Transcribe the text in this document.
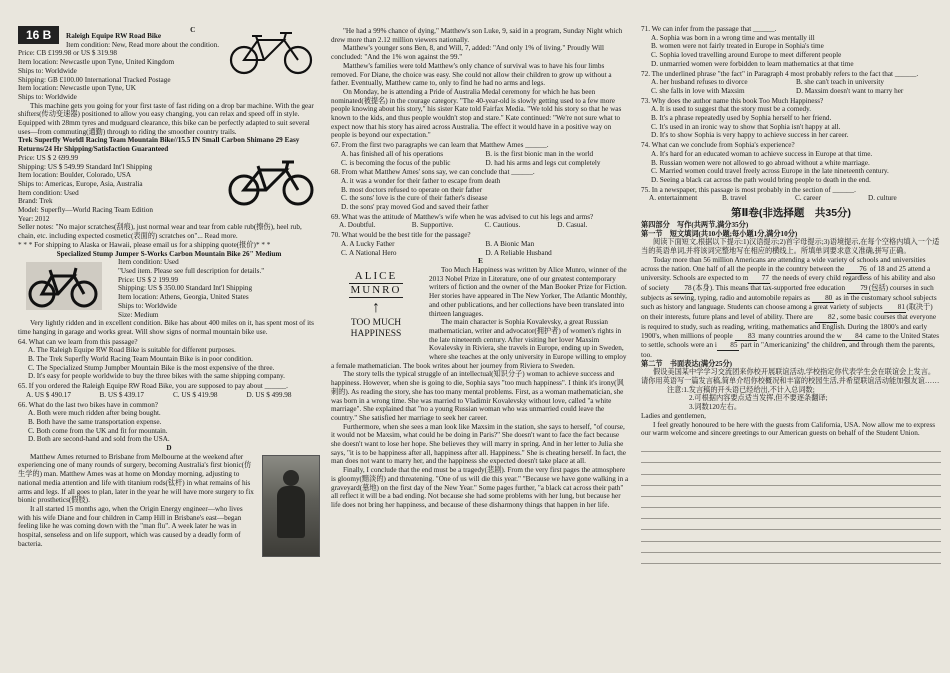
16 B	C

Raleigh Equipe RW Road Bike

Item condition: New, Read more about the condition.

Price: CB £199.98 or US $ 319.98

Item location: Newcastle upon Tyne, United Kingdom

Ships to: Worldwide

Shipping: GB £100.00 International Tracked Postage

Item location: Newcastle upon Tyne, UK

Ships to: Worldwide

This machine gets you going for your first taste of fast riding on a drop bar machine. With the gear shifters(传动变速器) positioned to allow you easy changing, you can relax and speed off in style. Equipped with 28mm tyres and mudguard clearance, this bike can be perfectly adapted to suit several uses—from commuting(通勤) through to riding the smoother country trails.

Trek Superfly Worldl Racing Team Mountain Bike//15.5 IN Small Carbon Shimano 29 Easy Returns/24 Hr Shipping/Satisfaction Guaranteed

Price: US $ 2 699.99

Shipping: US $ 549.99 Standard Int'l Shipping

Item location: Boulder, Colorado, USA

Ships to: Americas, Europe, Asia, Australia

Item condition: Used

Brand: Trek

Model: Superfly—World Racing Team Edition

Year: 2012

Seller notes: "No major scratches(刮痕), just normal wear and tear from cable rub(擦伤), heel rub, chain, etc. including expected cosmetic(表面的) scratches on"... Read more.

* * * For shipping to Alaska or Hawaii, please email us for a shipping quote(报价)* * *

Specialized Stump Jumper S-Works Carbon Mountain Bike 26" Medium

Item condition: Used

"Used item. Please see full description for details."

Price: US $ 2 199.99

Shipping: US $ 350.00 Standard Int'l Shipping

Item location: Athens, Georgia, United States

Ships to: Worldwide

Size: Medium

Very lightly ridden and in excellent condition. Bike has about 400 miles on it, has spent most of its time hanging in garage and works great. Will show signs of normal mountain bike use.

64. What can we learn from this passage?

A. The Raleigh Equipe RW Road Bike is suitable for different purposes.

B. The Trek Superfly World Racing Team Mountain Bike is in poor condition.

C. The Specialized Stump Jumpber Mountain Bike is the most expensive of the three.

D. It's easy for people worldwide to buy the three bikes with the same shipping company.

65. If you ordered the Raleigh Equipe RW Road Bike, you are supposed to pay about ______.

A. US $ 490.17	B. US $ 439.17	C. US $ 419.98	D. US $ 499.98

66. What do the last two bikes have in common?

A. Both were much ridden after being bought.

B. Both have the same transportation expense.

C. Both come from the UK and fit for mountain.

D. Both are second-hand and sold from the USA.

D

Matthew Ames returned to Brisbane from Melbourne at the weekend after experiencing one of many rounds of surgery, becoming Australia's first bionic(仿生学的) man. Matthew Ames was at home on Monday morning, adjusting to national media attention and life with titanium rods(钛杆) in what remains of his arms and legs. If all goes to plan, later in the year he will have more surgery to fix bionic prosthetics(假肢).

It all started 15 months ago, when the Origin Energy engineer—who lives with his wife Diane and four children in Camp Hill in Brisbane's east—began feeling like he was coming down with the "man flu". A week later he was in hospital, senseless and on life support, which was caused by a deadly form of bacteria.

"He had a 99% chance of dying," Matthew's son Luke, 9, said in a program, Sunday Night which drew more than 2.12 million viewers nationally.

Matthew's younger sons Ben, 8, and Will, 7, added: "And only 1% of living." Proudly Will concluded: "And the 1% won against the 99."

Matthew's families were told Matthew's only chance of survival was to have his four limbs removed. For Diane, the choice was easy. She could not allow their children to grow up without a father. Eventually, Matthew came to, only to find he had no arms and legs.

On Monday, he is attending a Pride of Australia Medal ceremony for which he has been nominated(被提名) in the courage category. "The 40-year-old is slowly getting used to a few more people knowing about his story," his sister Kate told Fairfax Media. "We told his story so that he was known to the kids, and thus people wouldn't stop and stare." Kate continued: "We're not sure what to expect now that his story has aired across Australia. The effect it would have in a positive way on people is beyond our expectation."

67. From the first two paragraphs we can learn that Matthew Ames ______.

A. has finished all of his operations	B. is the first bionic man in the world
C. is becoming the focus of the public	D. had his arms and legs cut completely

68. From what Matthew Ames' sons say, we can conclude that ______.

A. it was a wonder for their father to escape from death

B. most doctors refused to operate on their father

C. the sons' love is the cure of their father's disease

D. the sons' pray moved God and saved their father

69. What was the attitude of Matthew's wife when he was advised to cut his legs and arms?

A. Doubtful.	B. Supportive.	C. Cautious.	D. Casual.

70. What would be the best title for the passage?

A. A Lucky Father	B. A Bionic Man
C. A National Hero	D. A Reliable Husband
E
ALICE
MUNRO
↑
TOO MUCH
HAPPINESS

Too Much Happiness was written by Alice Munro, winner of the 2013 Nobel Prize in Literature, one of our greatest contemporary writers of fiction and the owner of the Man Booker Prize for Fiction. Her stories have appeared in The New Yorker, The Atlantic Monthly, and other publications, and her collections have been translated into thirteen languages.

The main character is Sophia Kovalevsky, a great Russian mathematician, writer and advocator(拥护者) of women's rights in the late nineteenth century. After visiting her lover Maxsim Kovalevsky in Riviera, she travels in Europe, ending up in Sweden, where she teaches at the only university in Europe willing to employ a female mathematician. The book writes about her journey from Riviera to Sweden.

The story tells the typical struggle of an intellectual(知识分子) woman to achieve success and happiness. However, when she is going to die, Sophia says "too much happiness". I think it's irony(讽刺的). As reading the story, she has too many mental problems. First, as a woman mathematician, she was born in a wrong time. She was married to Vladimir Kovalevsky without love, called "a white marriage". She explained that "no a young Russian woman who was unmarried could leave the country." She satisfied her marriage to seek her career.

Furthermore, when she sees a man look like Maxsim in the station, she says to herself, "of course, it would not be Maxsim, what could he be doing in Paris?" She doesn't want to face the fact because she doesn't want to lose her hope. She believes they will marry in spring. And in her letter to Julia she says, "it is to be happiness after all, happiness after all. Happiness." She is cheating herself. In fact, the man does not want to marry her, and the happiness she expected doesn't take place at all.

Finally, I conclude that the end must be a tragedy(悲剧). From the very first pages the atmosphere is gloomy(黯淡的) and threatening. "One of us will die this year." "Because we have gone walking in a graveyard(墓地) on the first day of the New Year." Some pages further, "a black cat across their path" all reflect it will be a bad ending. Not because she had some problems with her lung, but because her life does not bring her happiness, and because of these disharmony things that happen in her life.

71. We can infer from the passage that ______.

A. Sophia was born in a wrong time and was mentally ill

B. women were not fairly treated in Europe in Sophia's time

C. Sophia loved travelling around Europe to meet different people

D. unmarried women were forbidden to learn mathematics at that time

72. The underlined phrase "the fact" in Paragraph 4 most probably refers to the fact that ______.

A. her husband refuses to divorce	B. she can't teach in university
C. she falls in love with Maxsim	D. Maxsim doesn't want to marry her

73. Why does the author name this book Too Much Happiness?

A. It is used to suggest that the story must be a comedy.

B. It's a phrase repeatedly used by Sophia herself to her friend.

C. It's used in an ironic way to show that Sophia isn't happy at all.

D. It's to show Sophia is very happy to achieve success in her career.

74. What can we conclude from Sophia's experience?

A. It's hard for an educated woman to achieve success in Europe at that time.

B. Russian women were not allowed to go abroad without a white marriage.

C. Married women could travel freely across Europe in the late nineteenth century.

D. Seeing a black cat across the path would bring people to death in the end.

75. In a newspaper, this passage is most probably in the section of ______.

A. entertainment	B. travel	C. career	D. culture
第Ⅱ卷(非选择题　共35分)

第四部分　写作(共两节,满分35分)

第一节　短文填词(共10小题;每小题1分,满分10分)

阅读下面短文,根据以下提示:1)汉语提示;2)首字母提示;3)语境提示,在每个空格内填入一个适当的英语单词,并将该词完整地写在相应的横线上。所填单词要求意义准确,拼写正确。

Today more than 56 million Americans are attending a wide variety of schools and universities across the nation. One half of all the people in the country between the 76 of 18 and 25 attend a university. Schools are expected to m 77 the needs of every child regardless of his ability and also of society 78(本身). This means that tax-supported free education 79(包括) courses in such subjects as sewing, typing, radio and automobile repairs as 80 as in the customary school subjects such as history and language. Students can choose among a great variety of subjects 81(取决于) on their interests, future plans and level of ability. There are 82, some basic courses that everyone is required to study, such as reading, writing, mathematics and English. During the 1800's and early 1900's, when millions of people 83 many countries around the w 84 came to the United States to settle, schools were an i 85 part in "Americanizing" the children, and through them the parents, too.

第二节　书面表达(满分25分)

假设美国某中学学习交流团来你校开展联谊活动,学校指定你代表学生会在联谊会上发言。请你用英语写一篇发言稿,简单介绍你校概况和丰富的校园生活,并希望联谊活动能加强友谊……

注意:1.发言稿的开头语已经给出,不计入总词数;

2.可根据内容要点适当发挥,但不要逐条翻译;

3.词数120左右。

Ladies and gentlemen,

I feel greatly honoured to be here with the guests from California, USA. Now allow me to express our warm welcome and sincere greetings to our American guests on behalf of the Student Union.
